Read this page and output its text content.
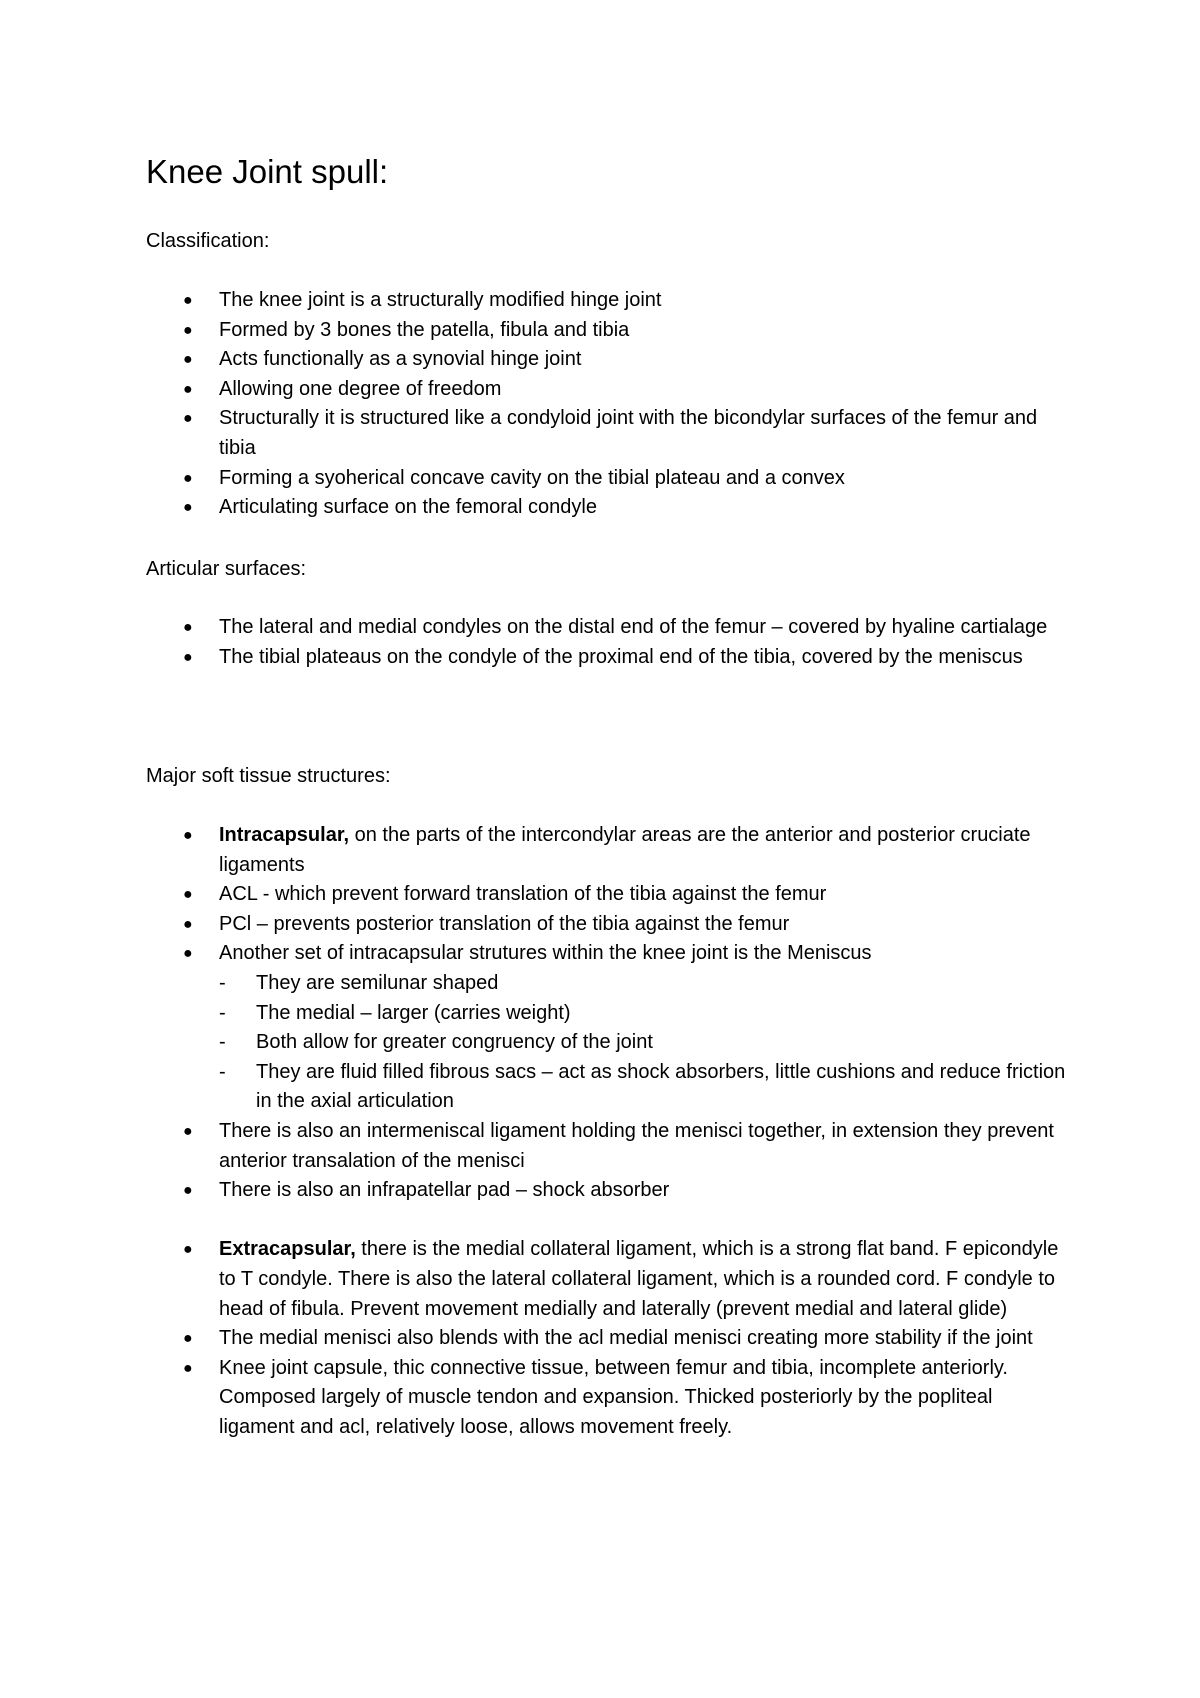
Knee Joint spull:

Classification:

● The knee joint is a structurally modified hinge joint
● Formed by 3 bones the patella, fibula and tibia
● Acts functionally as a synovial hinge joint
● Allowing one degree of freedom
● Structurally it is structured like a condyloid joint with the bicondylar surfaces of the femur and tibia
● Forming a syoherical concave cavity on the tibial plateau and a convex
● Articulating surface on the femoral condyle

Articular surfaces:

● The lateral and medial condyles on the distal end of the femur – covered by hyaline cartialage
● The tibial plateaus on the condyle of the proximal end of the tibia, covered by the meniscus

Major soft tissue structures:

● Intracapsular, on the parts of the intercondylar areas are the anterior and posterior cruciate ligaments
● ACL - which prevent forward translation of the tibia against the femur
● PCl – prevents posterior translation of the tibia against the femur
● Another set of intracapsular strutures within the knee joint is the Meniscus
- They are semilunar shaped
- The medial – larger (carries weight)
- Both allow for greater congruency of the joint
- They are fluid filled fibrous sacs – act as shock absorbers, little cushions and reduce friction in the axial articulation
● There is also an intermeniscal ligament holding the menisci together, in extension they prevent anterior transalation of the menisci
● There is also an infrapatellar pad – shock absorber
● Extracapsular, there is the medial collateral ligament, which is a strong flat band. F epicondyle to T condyle. There is also the lateral collateral ligament, which is a rounded cord. F condyle to head of fibula. Prevent movement medially and laterally (prevent medial and lateral glide)
● The medial menisci also blends with the acl medial menisci creating more stability if the joint
● Knee joint capsule, thic connective tissue, between femur and tibia, incomplete anteriorly. Composed largely of muscle tendon and expansion. Thicked posteriorly by the popliteal ligament and acl, relatively loose, allows movement freely.
